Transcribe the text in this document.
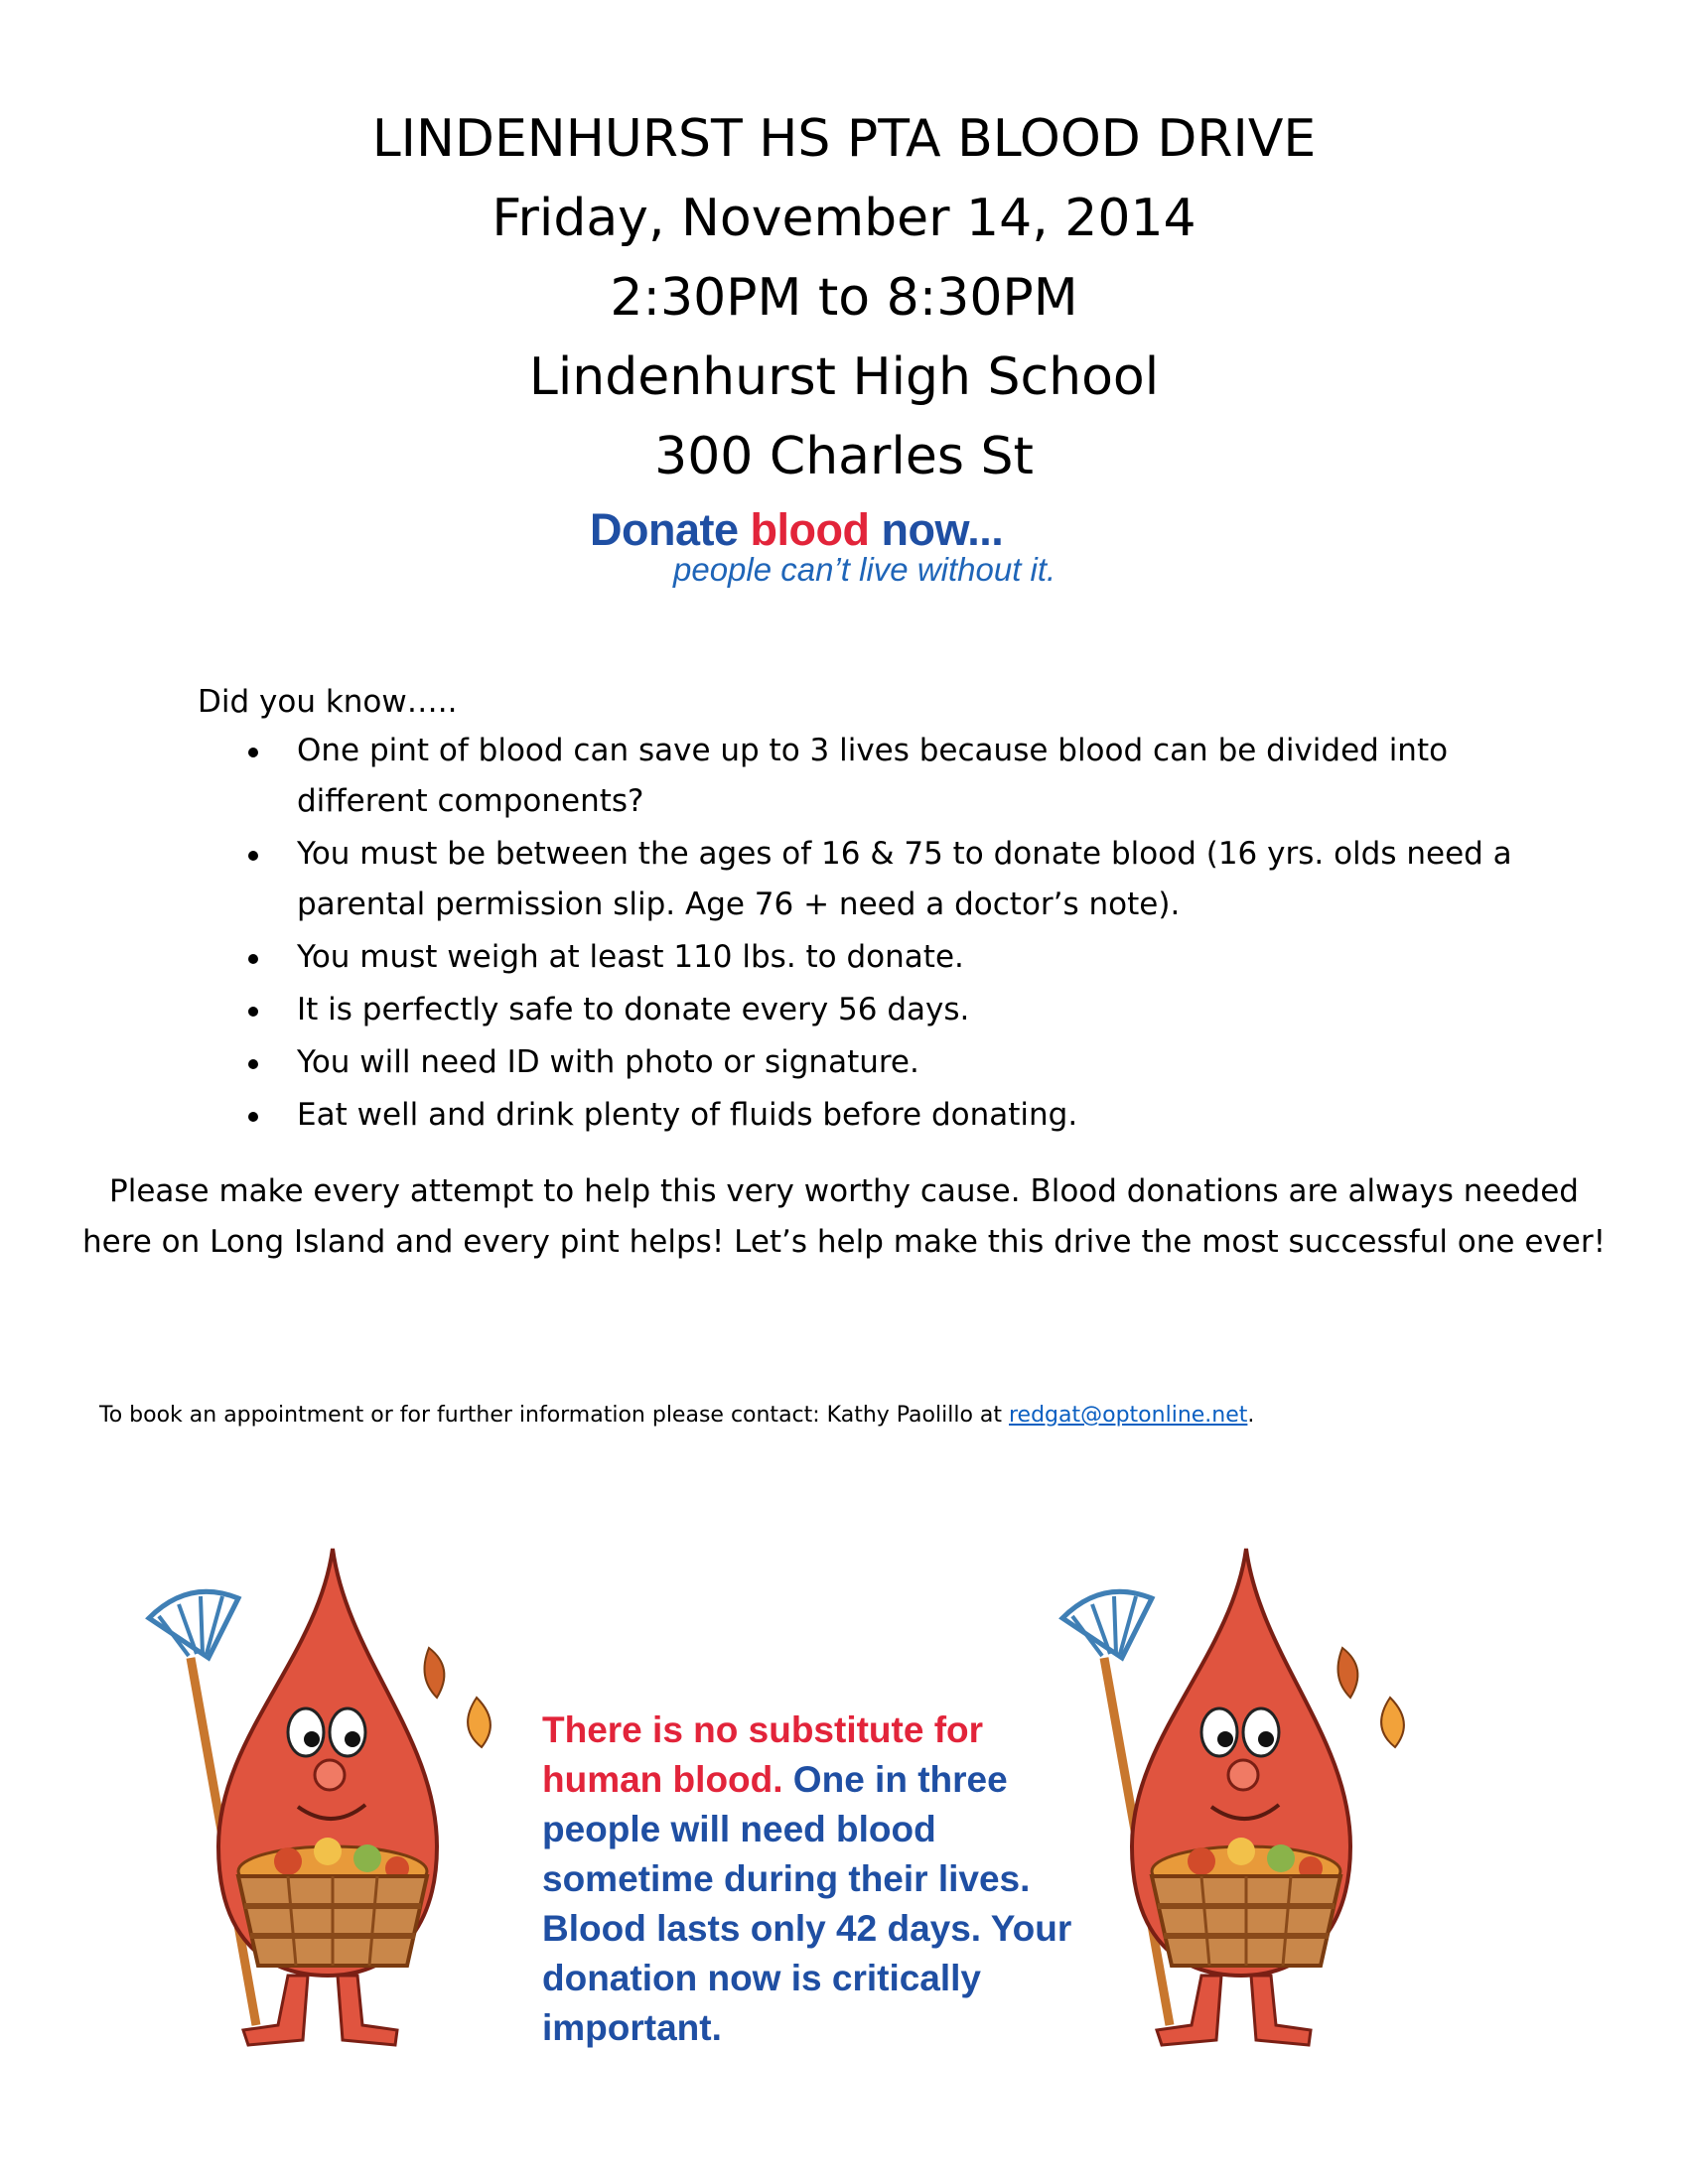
LINDENHURST HS PTA BLOOD DRIVE
Friday, November 14, 2014
2:30PM to 8:30PM
Lindenhurst High School
300 Charles St
Donate blood now...
people can’t live without it.
Did you know…..
One pint of blood can save up to 3 lives because blood can be divided into different components?
You must be between the ages of 16 & 75 to donate blood (16 yrs. olds need a parental permission slip. Age 76 + need a doctor’s note).
You must weigh at least 110 lbs. to donate.
It is perfectly safe to donate every 56 days.
You will need ID with photo or signature.
Eat well and drink plenty of fluids before donating.
Please make every attempt to help this very worthy cause. Blood donations are always needed here on Long Island and every pint helps! Let’s help make this drive the most successful one ever!
To book an appointment or for further information please contact: Kathy Paolillo at redgat@optonline.net.
There is no substitute for human blood. One in three people will need blood sometime during their lives. Blood lasts only 42 days. Your donation now is critically important.
